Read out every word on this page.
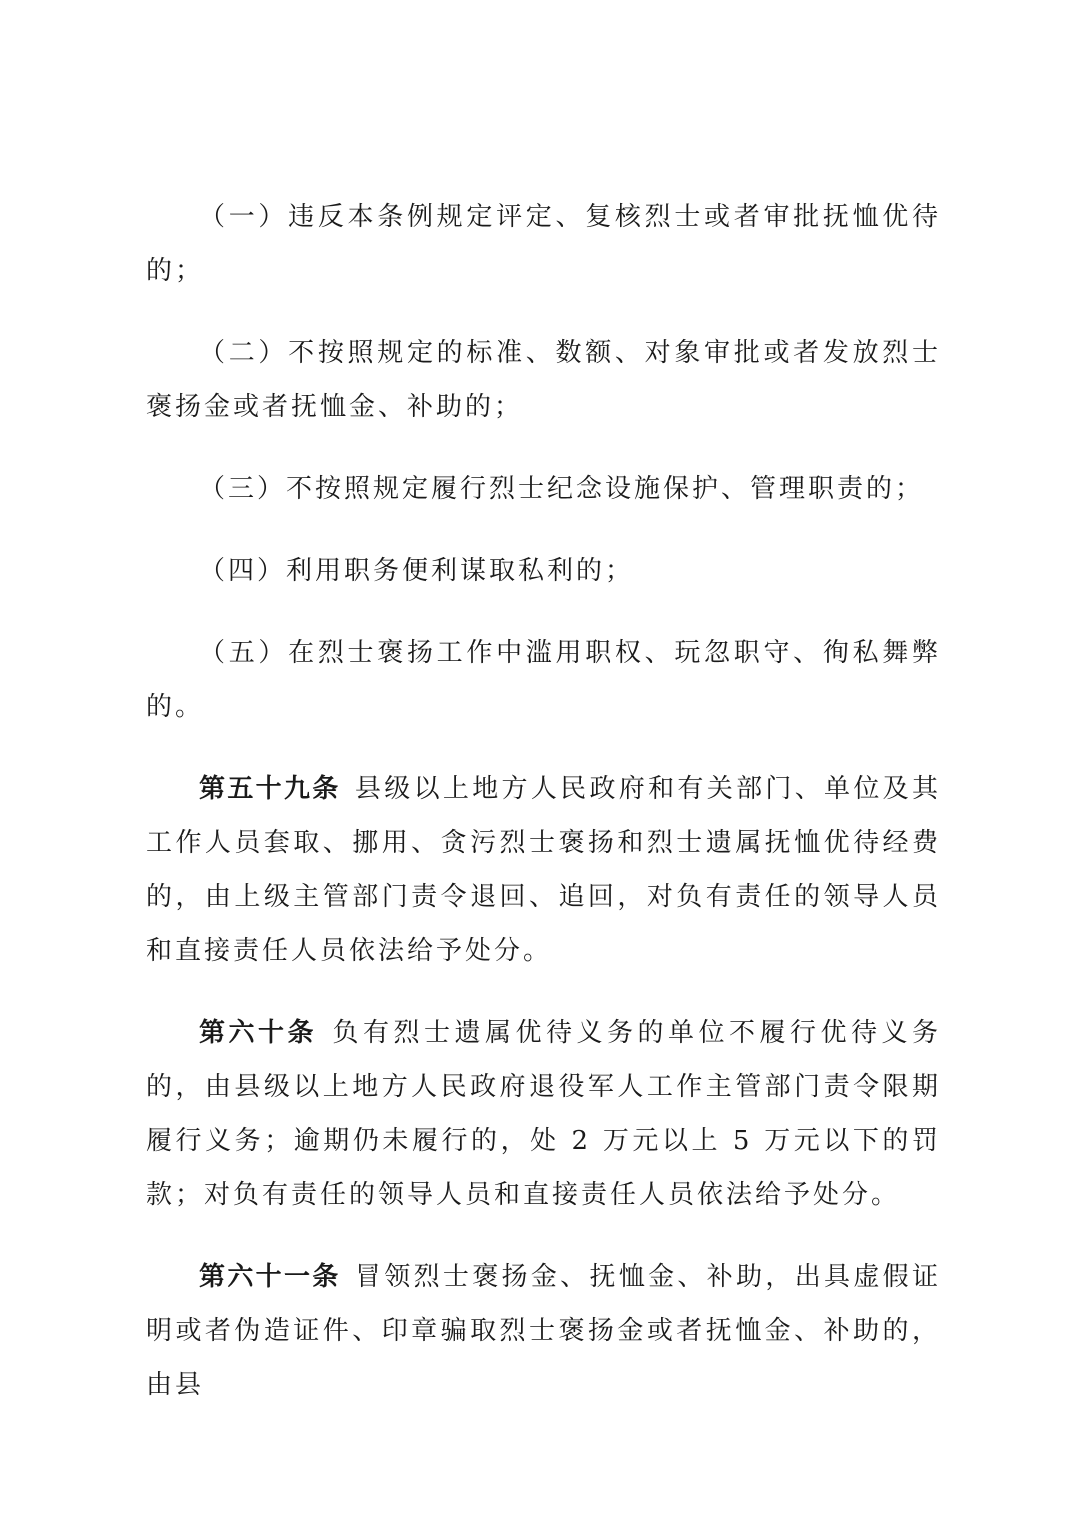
（一）违反本条例规定评定、复核烈士或者审批抚恤优待的；

（二）不按照规定的标准、数额、对象审批或者发放烈士褒扬金或者抚恤金、补助的；

（三）不按照规定履行烈士纪念设施保护、管理职责的；

（四）利用职务便利谋取私利的；

（五）在烈士褒扬工作中滥用职权、玩忽职守、徇私舞弊的。

第五十九条 县级以上地方人民政府和有关部门、单位及其工作人员套取、挪用、贪污烈士褒扬和烈士遗属抚恤优待经费的，由上级主管部门责令退回、追回，对负有责任的领导人员和直接责任人员依法给予处分。

第六十条 负有烈士遗属优待义务的单位不履行优待义务的，由县级以上地方人民政府退役军人工作主管部门责令限期履行义务；逾期仍未履行的，处 2 万元以上 5 万元以下的罚款；对负有责任的领导人员和直接责任人员依法给予处分。

第六十一条 冒领烈士褒扬金、抚恤金、补助，出具虚假证明或者伪造证件、印章骗取烈士褒扬金或者抚恤金、补助的，由县
